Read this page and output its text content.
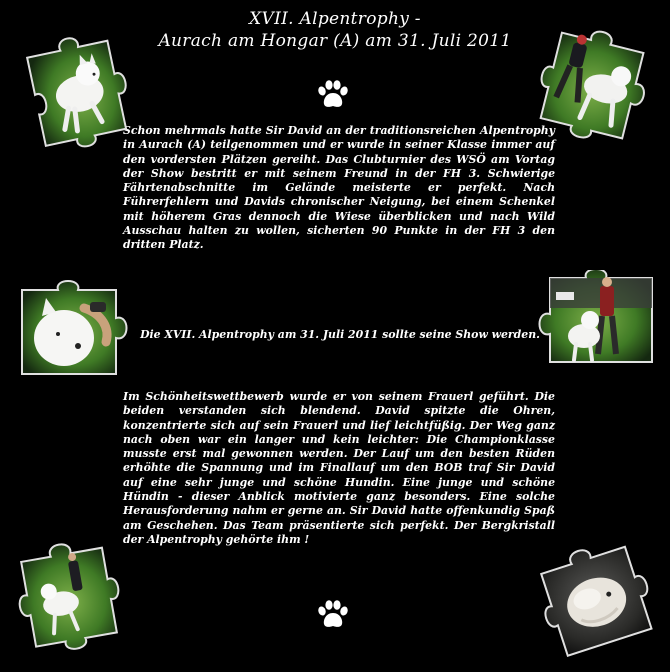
XVII. Alpentrophy -
Aurach am Hongar (A) am 31. Juli 2011
Schon mehrmals hatte Sir David an der traditionsreichen Alpentrophy in Aurach (A) teilgenommen und er wurde in seiner Klasse immer auf den vordersten Plätzen gereiht. Das Clubturnier des WSÖ am Vortag der Show bestritt er mit seinem Freund in der FH 3. Schwierige Fährtenabschnitte im Gelände meisterte er perfekt. Nach Führerfehlern und Davids chronischer Neigung, bei einem Schenkel mit höherem Gras dennoch die Wiese überblicken und nach Wild Ausschau halten zu wollen, sicherten 90 Punkte in der FH 3 den dritten Platz.
Die XVII. Alpentrophy am 31. Juli 2011 sollte seine Show werden.
Im Schönheitswettbewerb wurde er von seinem Frauerl geführt. Die beiden verstanden sich blendend. David spitzte die Ohren, konzentrierte sich auf sein Frauerl und lief leichtfüßig. Der Weg ganz nach oben war ein langer und kein leichter: Die Championklasse musste erst mal gewonnen werden. Der Lauf um den besten Rüden erhöhte die Spannung und im Finallauf um den BOB traf Sir David auf eine sehr junge und schöne Hundin. Eine junge und schöne Hündin - dieser Anblick motivierte ganz besonders. Eine solche Herausforderung nahm er gerne an. Sir David hatte offenkundig Spaß am Geschehen. Das Team präsentierte sich perfekt. Der Bergkristall der Alpentrophy gehörte ihm !
